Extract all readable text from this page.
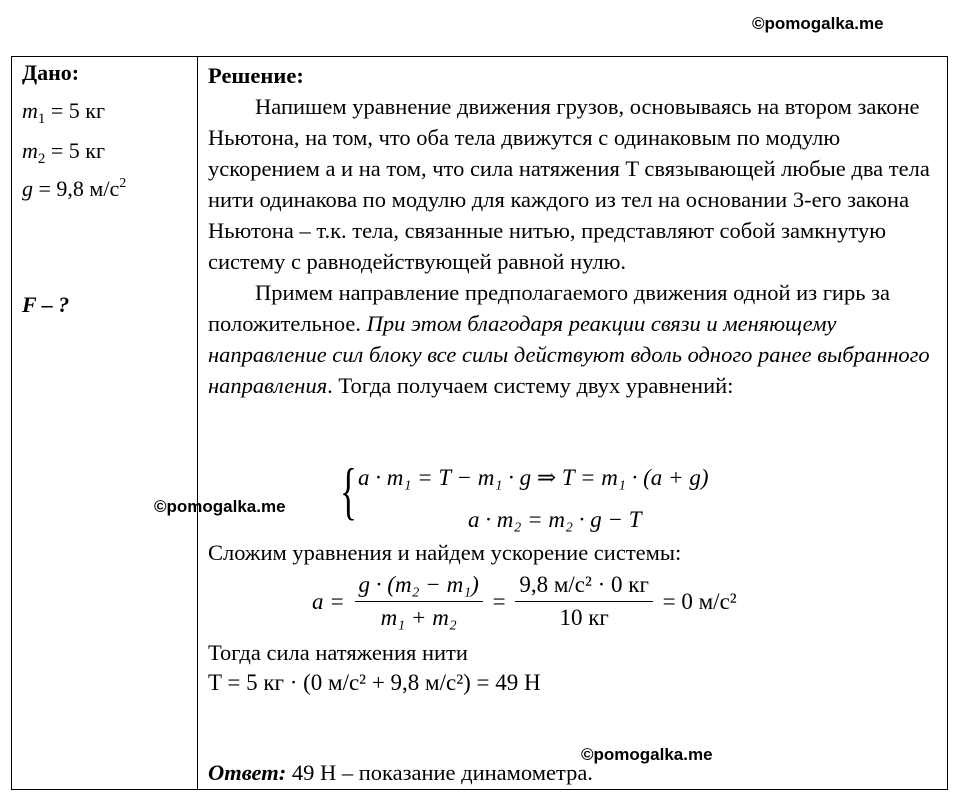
©pomogalka.me
Дано:
$m_1 = 5$ кг
$m_2 = 5$ кг
g = 9,8 $м/с^2$
F – ?

Решение:

Напишем уравнение движения грузов, основываясь на втором законе Ньютона, на том, что оба тела движутся с одинаковым по модулю ускорением a и на том, что сила натяжения T связывающей любые два тела нити одинакова по модулю для каждого из тел на основании 3-его закона Ньютона – т.к. тела, связанные нитью, представляют собой замкнутую систему с равнодействующей равной нулю.

Примем направление предполагаемого движения одной из гирь за положительное. При этом благодаря реакции связи и меняющему направление сил блоку все силы действуют вдоль одного ранее выбранного направления. Тогда получаем систему двух уравнений:

{ a · m₁ = T − m₁ · g ⇒ T = m₁ · (a + g)
a · m₂ = m₂ · g − T
©pomogalka.me

Сложим уравнения и найдем ускорение системы:

$a = \frac{\text{g · (m₂ − m₁)}}{\text{m₁ + m₂}} = \frac{\text{9,8 м/с² · 0 кг}}{10 кг} = 0$ м/с²
Тогда сила натяжения нити
T = 5 кг · (0 м/с² + 9,8 м/с²) = 49 Н
©pomogalka.me
Ответ: 49 Н – показание динамометра.
